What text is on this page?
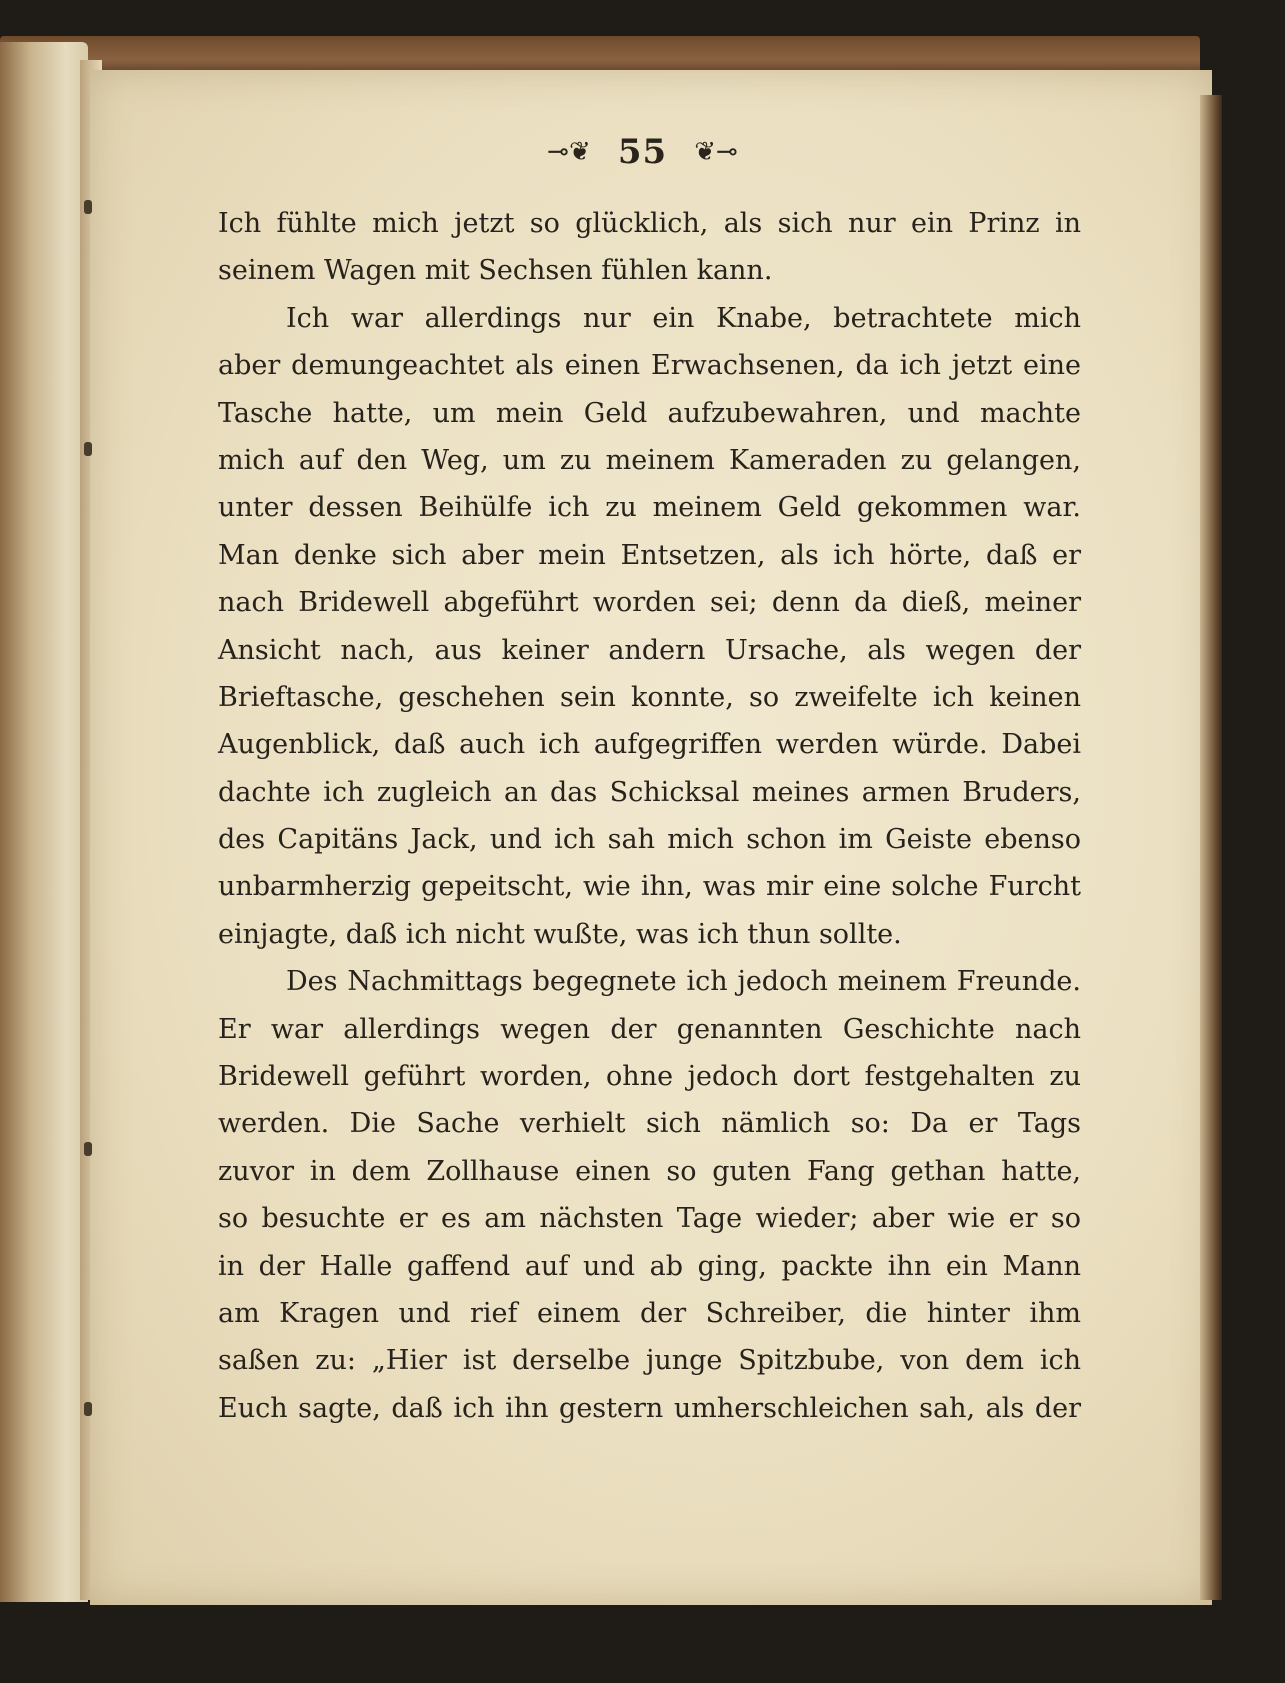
⊸❦ 55 ❦⊸
Ich fühlte mich jetzt so glücklich, als sich nur ein Prinz in
seinem Wagen mit Sechsen fühlen kann.
Ich war allerdings nur ein Knabe, betrachtete mich
aber demungeachtet als einen Erwachsenen, da ich jetzt eine
Tasche hatte, um mein Geld aufzubewahren, und machte
mich auf den Weg, um zu meinem Kameraden zu gelangen,
unter dessen Beihülfe ich zu meinem Geld gekommen war.
Man denke sich aber mein Entsetzen, als ich hörte, daß er
nach Bridewell abgeführt worden sei; denn da dieß, meiner
Ansicht nach, aus keiner andern Ursache, als wegen der
Brieftasche, geschehen sein konnte, so zweifelte ich keinen
Augenblick, daß auch ich aufgegriffen werden würde. Dabei
dachte ich zugleich an das Schicksal meines armen Bruders,
des Capitäns Jack, und ich sah mich schon im Geiste ebenso
unbarmherzig gepeitscht, wie ihn, was mir eine solche Furcht
einjagte, daß ich nicht wußte, was ich thun sollte.
Des Nachmittags begegnete ich jedoch meinem Freunde.
Er war allerdings wegen der genannten Geschichte nach
Bridewell geführt worden, ohne jedoch dort festgehalten zu
werden. Die Sache verhielt sich nämlich so: Da er Tags
zuvor in dem Zollhause einen so guten Fang gethan hatte,
so besuchte er es am nächsten Tage wieder; aber wie er so
in der Halle gaffend auf und ab ging, packte ihn ein Mann
am Kragen und rief einem der Schreiber, die hinter ihm
saßen zu: „Hier ist derselbe junge Spitzbube, von dem ich
Euch sagte, daß ich ihn gestern umherschleichen sah, als der
